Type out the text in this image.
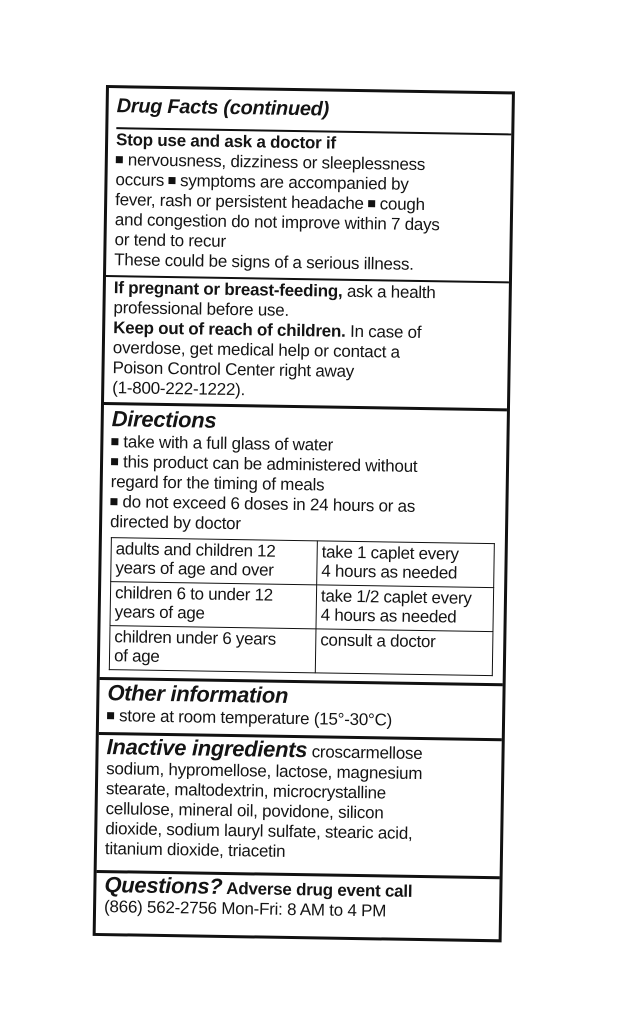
Drug Facts (continued)
Stop use and ask a doctor if
nervousness, dizziness or sleeplessness
occurs symptoms are accompanied by
fever, rash or persistent headache cough
and congestion do not improve within 7 days
or tend to recur
These could be signs of a serious illness.
If pregnant or breast-feeding, ask a health
professional before use.
Keep out of reach of children. In case of
overdose, get medical help or contact a
Poison Control Center right away
(1-800-222-1222).
Directions
take with a full glass of water
this product can be administered without
regard for the timing of meals
do not exceed 6 doses in 24 hours or as
directed by doctor
adults and children 12
years of age and over	take 1 caplet every
4 hours as needed

children 6 to under 12
years of age	take 1/2 caplet every
4 hours as needed

children under 6 years
of age	consult a doctor
Other information
store at room temperature (15°-30°C)
Inactive ingredients croscarmellose
sodium, hypromellose, lactose, magnesium
stearate, maltodextrin, microcrystalline
cellulose, mineral oil, povidone, silicon
dioxide, sodium lauryl sulfate, stearic acid,
titanium dioxide, triacetin
Questions? Adverse drug event call
(866) 562-2756 Mon-Fri: 8 AM to 4 PM
